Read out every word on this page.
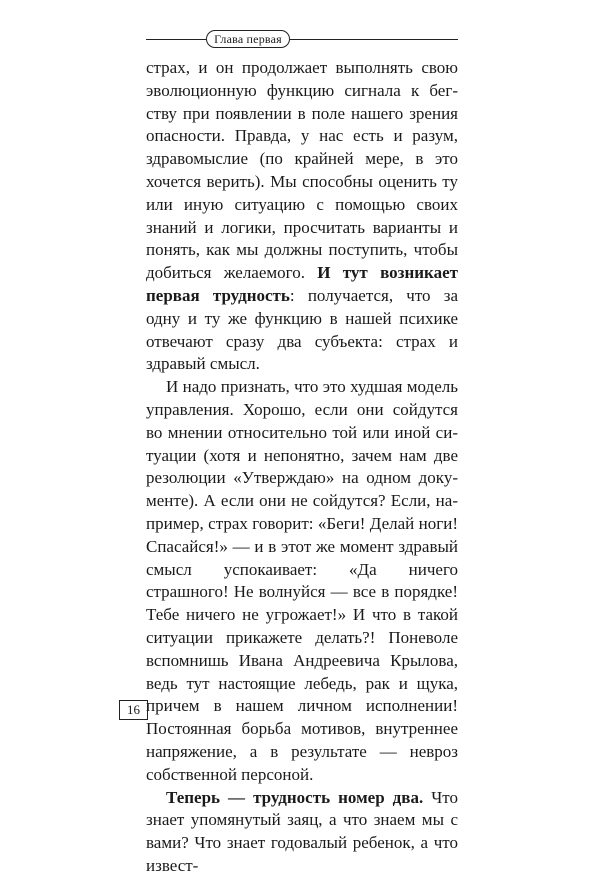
Глава первая

страх, и он продолжает выполнять свою эволюционную функцию сигнала к бегству при появлении в поле нашего зрения опасности. Правда, у нас есть и разум, здравомыслие (по крайней мере, в это хочется верить). Мы способны оценить ту или иную ситуацию с помощью своих знаний и логики, просчитать варианты и понять, как мы должны поступить, чтобы добиться желаемого. И тут возникает первая трудность: получается, что за одну и ту же функцию в нашей психике отвечают сразу два субъекта: страх и здравый смысл.

И надо признать, что это худшая модель управления. Хорошо, если они сойдутся во мнении относительно той или иной ситуации (хотя и непонятно, зачем нам две резолюции «Утверждаю» на одном документе). А если они не сойдутся? Если, например, страх говорит: «Беги! Делай ноги! Спасайся!» — и в этот же момент здравый смысл успокаивает: «Да ничего страшного! Не волнуйся — все в порядке! Тебе ничего не угрожает!» И что в такой ситуации прикажете делать?! Поневоле вспомнишь Ивана Андреевича Крылова, ведь тут настоящие лебедь, рак и щука, причем в нашем личном исполнении! Постоянная борьба мотивов, внутреннее напряжение, а в результате — невроз собственной персоной.

Теперь — трудность номер два. Что знает упомянутый заяц, а что знаем мы с вами? Что знает годовалый ребенок, а что извест-

16
